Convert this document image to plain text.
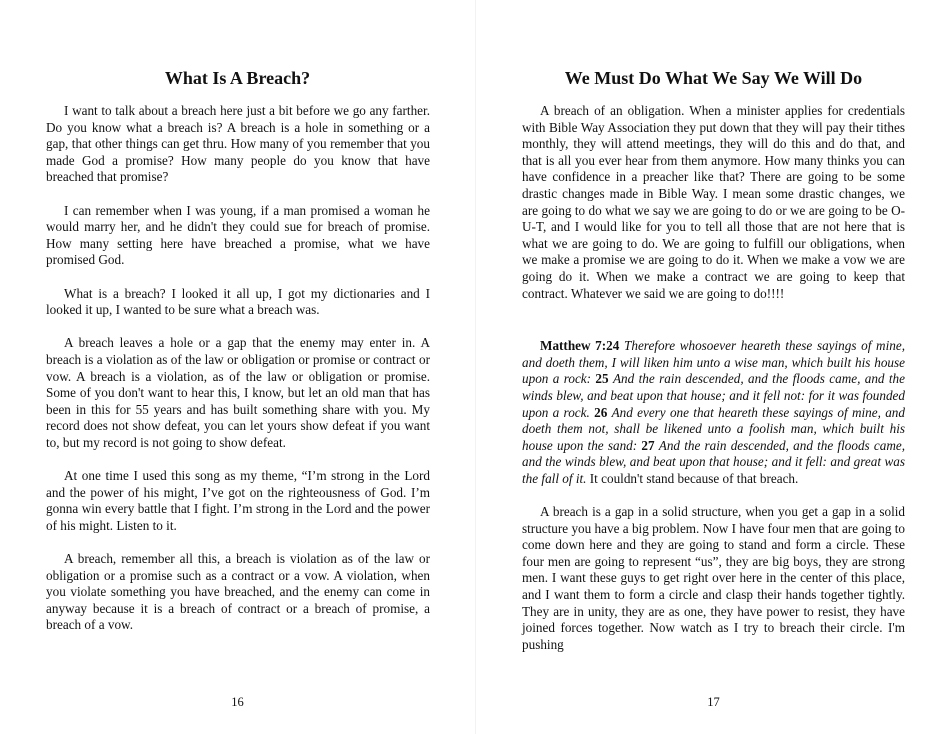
What Is A Breach?

I want to talk about a breach here just a bit before we go any farther. Do you know what a breach is? A breach is a hole in something or a gap, that other things can get thru. How many of you remember that you made God a promise? How many people do you know that have breached that promise?

I can remember when I was young, if a man promised a woman he would marry her, and he didn't they could sue for breach of promise. How many setting here have breached a promise, what we have promised God.

What is a breach? I looked it all up, I got my dictionaries and I looked it up, I wanted to be sure what a breach was.

A breach leaves a hole or a gap that the enemy may enter in. A breach is a violation as of the law or obligation or promise or contract or vow. A breach is a violation, as of the law or obligation or promise. Some of you don't want to hear this, I know, but let an old man that has been in this for 55 years and has built something share with you. My record does not show defeat, you can let yours show defeat if you want to, but my record is not going to show defeat.

At one time I used this song as my theme, “I’m strong in the Lord and the power of his might, I’ve got on the righteousness of God. I’m gonna win every battle that I fight. I’m strong in the Lord and the power of his might. Listen to it.

A breach, remember all this, a breach is violation as of the law or obligation or a promise such as a contract or a vow. A violation, when you violate something you have breached, and the enemy can come in anyway because it is a breach of contract or a breach of promise, a breach of a vow.

16
We Must Do What We Say We Will Do

A breach of an obligation. When a minister applies for credentials with Bible Way Association they put down that they will pay their tithes monthly, they will attend meetings, they will do this and do that, and that is all you ever hear from them anymore. How many thinks you can have confidence in a preacher like that? There are going to be some drastic changes made in Bible Way. I mean some drastic changes, we are going to do what we say we are going to do or we are going to be O-U-T, and I would like for you to tell all those that are not here that is what we are going to do. We are going to fulfill our obligations, when we make a promise we are going to do it. When we make a vow we are going do it. When we make a contract we are going to keep that contract. Whatever we said we are going to do!!!!

Matthew 7:24 Therefore whosoever heareth these sayings of mine, and doeth them, I will liken him unto a wise man, which built his house upon a rock: 25 And the rain descended, and the floods came, and the winds blew, and beat upon that house; and it fell not: for it was founded upon a rock. 26 And every one that heareth these sayings of mine, and doeth them not, shall be likened unto a foolish man, which built his house upon the sand: 27 And the rain descended, and the floods came, and the winds blew, and beat upon that house; and it fell: and great was the fall of it. It couldn't stand because of that breach.

A breach is a gap in a solid structure, when you get a gap in a solid structure you have a big problem. Now I have four men that are going to come down here and they are going to stand and form a circle. These four men are going to represent “us”, they are big boys, they are strong men. I want these guys to get right over here in the center of this place, and I want them to form a circle and clasp their hands together tightly. They are in unity, they are as one, they have power to resist, they have joined forces together. Now watch as I try to breach their circle. I'm pushing

17
